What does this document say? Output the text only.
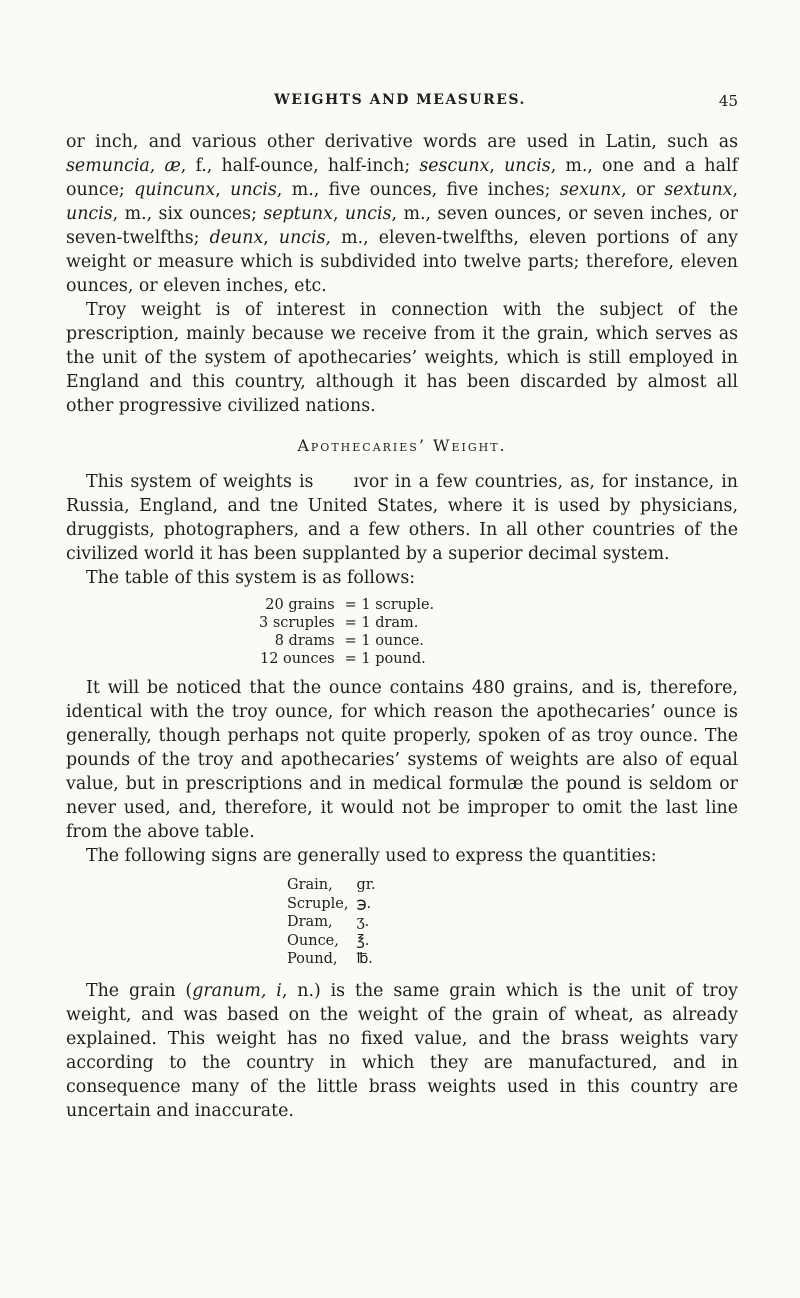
WEIGHTS AND MEASURES.	45

or inch, and various other derivative words are used in Latin, such as semuncia, æ, f., half-ounce, half-inch; sescunx, uncis, m., one and a half ounce; quincunx, uncis, m., five ounces, five inches; sexunx, or sextunx, uncis, m., six ounces; septunx, uncis, m., seven ounces, or seven inches, or seven-twelfths; deunx, uncis, m., eleven-twelfths, eleven portions of any weight or measure which is subdivided into twelve parts; therefore, eleven ounces, or eleven inches, etc.

Troy weight is of interest in connection with the subject of the prescription, mainly because we receive from it the grain, which serves as the unit of the system of apothecaries’ weights, which is still employed in England and this country, although it has been discarded by almost all other progressive civilized nations.

Apothecaries’ Weight.

This system of weights is ıvor in a few countries, as, for instance, in Russia, England, and tne United States, where it is used by physicians, druggists, photographers, and a few others. In all other countries of the civilized world it has been supplanted by a superior decimal system.

The table of this system is as follows:

20 grains	= 1 scruple.
3 scruples	= 1 dram.
8 drams	= 1 ounce.
12 ounces	= 1 pound.

It will be noticed that the ounce contains 480 grains, and is, therefore, identical with the troy ounce, for which reason the apothecaries’ ounce is generally, though perhaps not quite properly, spoken of as troy ounce. The pounds of the troy and apothecaries’ systems of weights are also of equal value, but in prescriptions and in medical formulæ the pound is seldom or never used, and, therefore, it would not be improper to omit the last line from the above table.

The following signs are generally used to express the quantities:

Grain,	gr.
Scruple,	℈.
Dram,	ʒ.
Ounce,	℥.
Pound,	℔.

The grain (granum, i, n.) is the same grain which is the unit of troy weight, and was based on the weight of the grain of wheat, as already explained. This weight has no fixed value, and the brass weights vary according to the country in which they are manufactured, and in consequence many of the little brass weights used in this country are uncertain and inaccurate.
